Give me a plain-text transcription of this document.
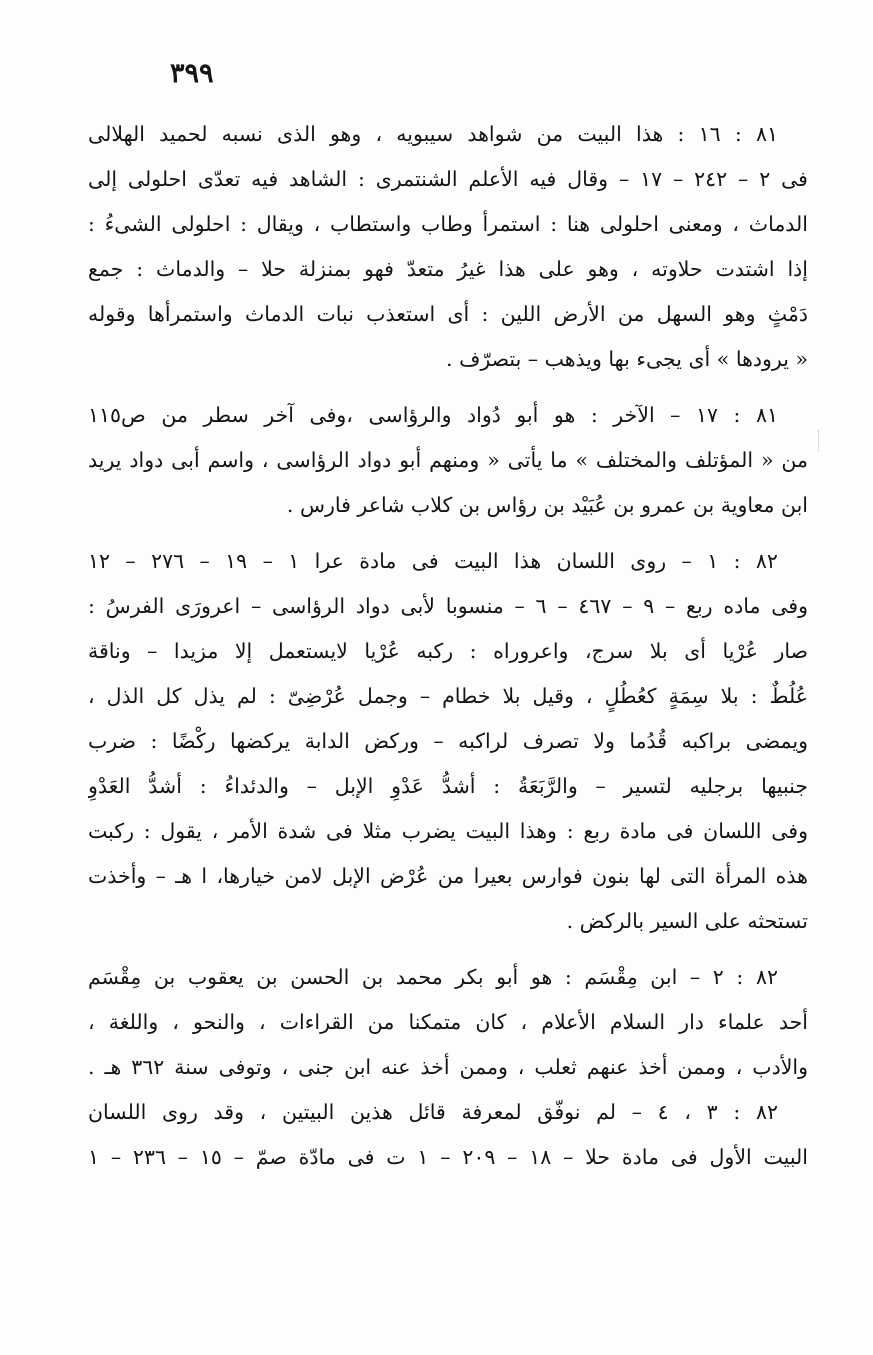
٣٩٩
٨١ : ١٦ : هذا البيت من شواهد سيبويه ، وهو الذى نسبه لحميد الهلالى
فى ٢ – ٢٤٢ – ١٧ – وقال فيه الأعلم الشنتمرى : الشاهد فيه تعدّى احلولى إلى
الدماث ، ومعنى احلولى هنا : استمرأ وطاب واستطاب ، ويقال : احلولى الشىءُ :
إذا اشتدت حلاوته ، وهو على هذا غيرُ متعدّ فهو بمنزلة حلا – والدماث : جمع
دَمْثٍ وهو السهل من الأرض اللين : أى استعذب نبات الدماث واستمرأها وقوله
« يرودها » أى يجىء بها ويذهب – بتصرّف .
٨١ : ١٧ – الآخر : هو أبو دُواد والرؤاسى ،وفى آخر سطر من ص١١٥
من « المؤتلف والمختلف » ما يأتى « ومنهم أبو دواد الرؤاسى ، واسم أبى دواد يريد
ابن معاوية بن عمرو بن عُبَيْد بن رؤاس بن كلاب شاعر فارس .
٨٢ : ١ – روى اللسان هذا البيت فى مادة عرا ١ – ١٩ – ٢٧٦ – ١٢
وفى ماده ربع – ٩ – ٤٦٧ – ٦ – منسوبا لأبى دواد الرؤاسى – اعرورَى الفرسُ :
صار عُرْيا أى بلا سرج، واعروراه : ركبه عُرْيا لايستعمل إلا مزيدا – وناقة
عُلُطٌ : بلا سِمَةٍ كعُطُلٍ ، وقيل بلا خطام – وجمل عُرْضِىّ : لم يذل كل الذل ،
ويمضى براكبه قُدُما ولا تصرف لراكبه – وركض الدابة يركضها ركْضًا : ضرب
جنبيها برجليه لتسير – والرَّبَعَةُ : أشدُّ عَدْوِ الإبل – والدئداءُ : أشدُّ العَدْوِ
وفى اللسان فى مادة ربع : وهذا البيت يضرب مثلا فى شدة الأمر ، يقول : ركبت
هذه المرأة التى لها بنون فوارس بعيرا من عُرْض الإبل لامن خيارها، ا هـ – وأخذت
تستحثه على السير بالركض .
٨٢ : ٢ – ابن مِقْسَم : هو أبو بكر محمد بن الحسن بن يعقوب بن مِقْسَم
أحد علماء دار السلام الأعلام ، كان متمكنا من القراءات ، والنحو ، واللغة ،
والأدب ، وممن أخذ عنهم ثعلب ، وممن أخذ عنه ابن جنى ، وتوفى سنة ٣٦٢ هـ .
٨٢ : ٣ ، ٤ – لم نوفّق لمعرفة قائل هذين البيتين ، وقد روى اللسان
البيت الأول فى مادة حلا – ١٨ – ٢٠٩ – ١ ت فى مادّة صمّ – ١٥ – ٢٣٦ – ١
